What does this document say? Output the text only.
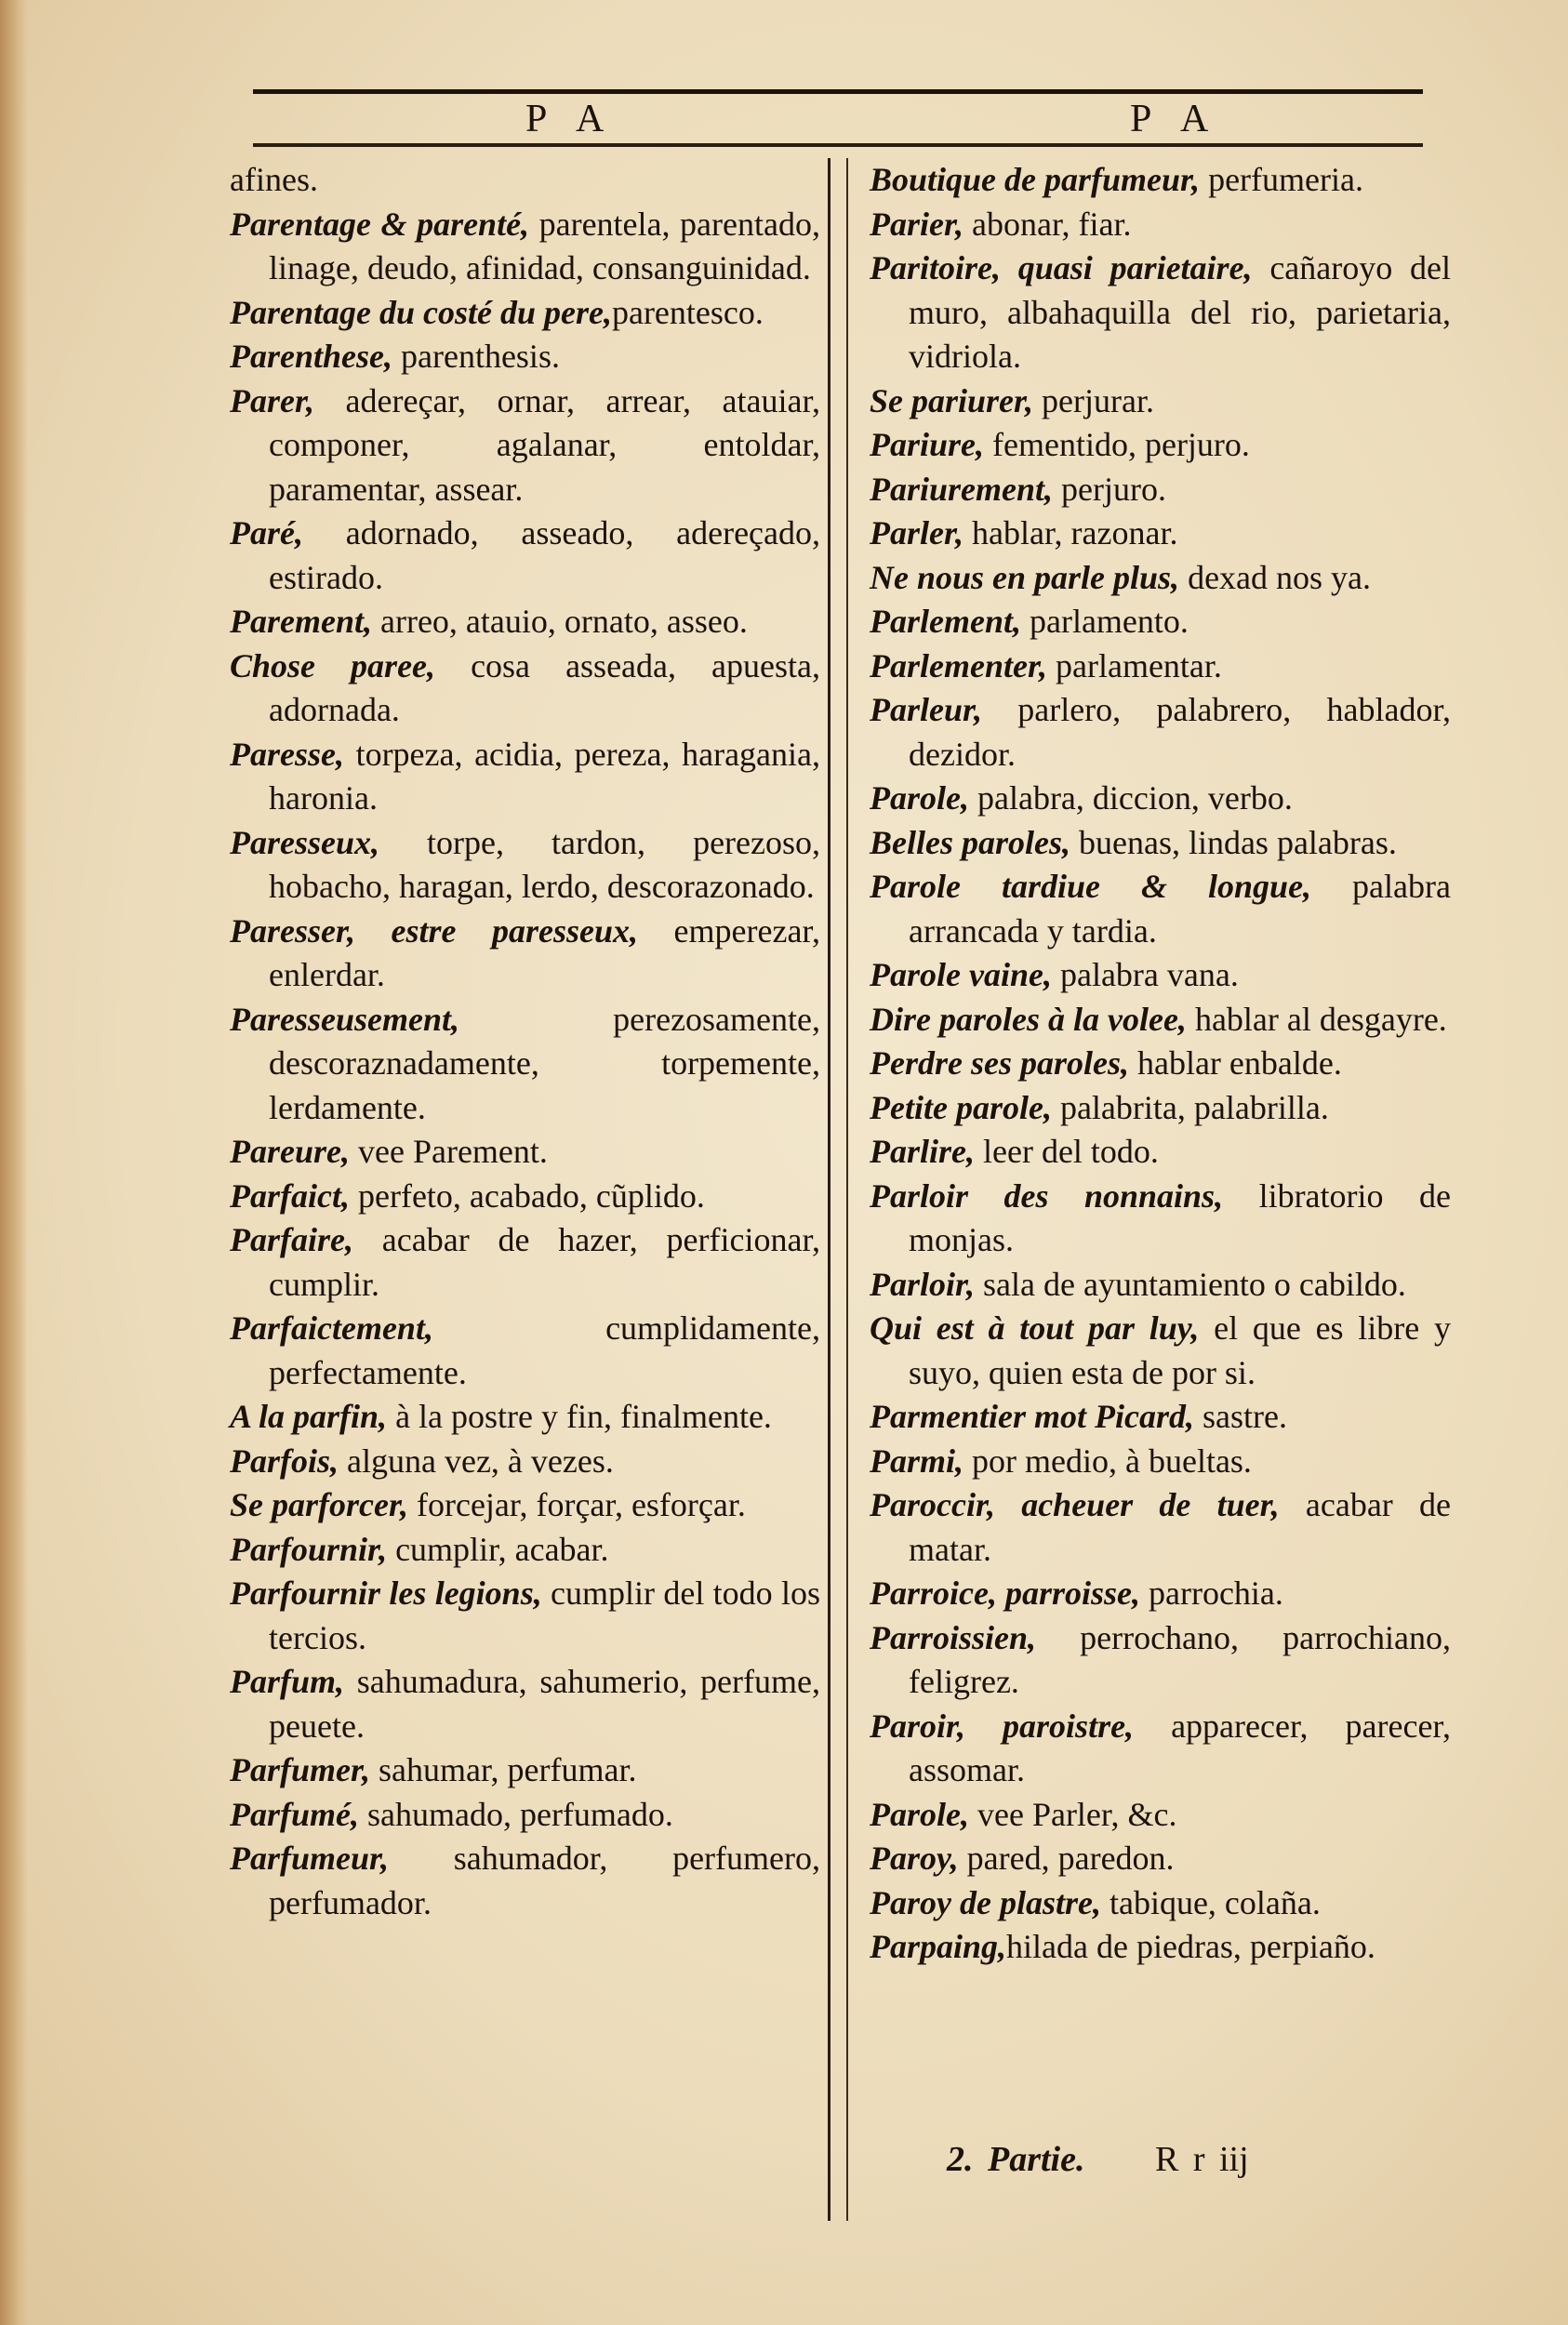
P A	P A

afines.

Parentage & parenté, parentela, parentado, linage, deudo, afinidad, consanguinidad.

Parentage du costé du pere,parentesco.

Parenthese, parenthesis.

Parer, adereçar, ornar, arrear, atauiar, componer, agalanar, entoldar, paramentar, assear.

Paré, adornado, asseado, adereçado, estirado.

Parement, arreo, atauio, ornato, asseo.

Chose paree, cosa asseada, apuesta, adornada.

Paresse, torpeza, acidia, pereza, haragania, haronia.

Paresseux, torpe, tardon, perezoso, hobacho, haragan, lerdo, descorazonado.

Paresser, estre paresseux, emperezar, enlerdar.

Paresseusement, perezosamente, descoraznadamente, torpemente, lerdamente.

Pareure, vee Parement.

Parfaict, perfeto, acabado, cũplido.

Parfaire, acabar de hazer, perficionar, cumplir.

Parfaictement, cumplidamente, perfectamente.

A la parfin, à la postre y fin, finalmente.

Parfois, alguna vez, à vezes.

Se parforcer, forcejar, forçar, esforçar.

Parfournir, cumplir, acabar.

Parfournir les legions, cumplir del todo los tercios.

Parfum, sahumadura, sahumerio, perfume, peuete.

Parfumer, sahumar, perfumar.

Parfumé, sahumado, perfumado.

Parfumeur, sahumador, perfumero, perfumador.

Boutique de parfumeur, perfumeria.

Parier, abonar, fiar.

Paritoire, quasi parietaire, cañaroyo del muro, albahaquilla del rio, parietaria, vidriola.

Se pariurer, perjurar.

Pariure, fementido, perjuro.

Pariurement, perjuro.

Parler, hablar, razonar.

Ne nous en parle plus, dexad nos ya.

Parlement, parlamento.

Parlementer, parlamentar.

Parleur, parlero, palabrero, hablador, dezidor.

Parole, palabra, diccion, verbo.

Belles paroles, buenas, lindas palabras.

Parole tardiue & longue, palabra arrancada y tardia.

Parole vaine, palabra vana.

Dire paroles à la volee, hablar al desgayre.

Perdre ses paroles, hablar enbalde.

Petite parole, palabrita, palabrilla.

Parlire, leer del todo.

Parloir des nonnains, libratorio de monjas.

Parloir, sala de ayuntamiento o cabildo.

Qui est à tout par luy, el que es libre y suyo, quien esta de por si.

Parmentier mot Picard, sastre.

Parmi, por medio, à bueltas.

Paroccir, acheuer de tuer, acabar de matar.

Parroice, parroisse, parrochia.

Parroissien, perrochano, parrochiano, feligrez.

Paroir, paroistre, apparecer, parecer, assomar.

Parole, vee Parler, &c.

Paroy, pared, paredon.

Paroy de plastre, tabique, colaña.

Parpaing,hilada de piedras, perpiaño.

2. Partie. R r iij
